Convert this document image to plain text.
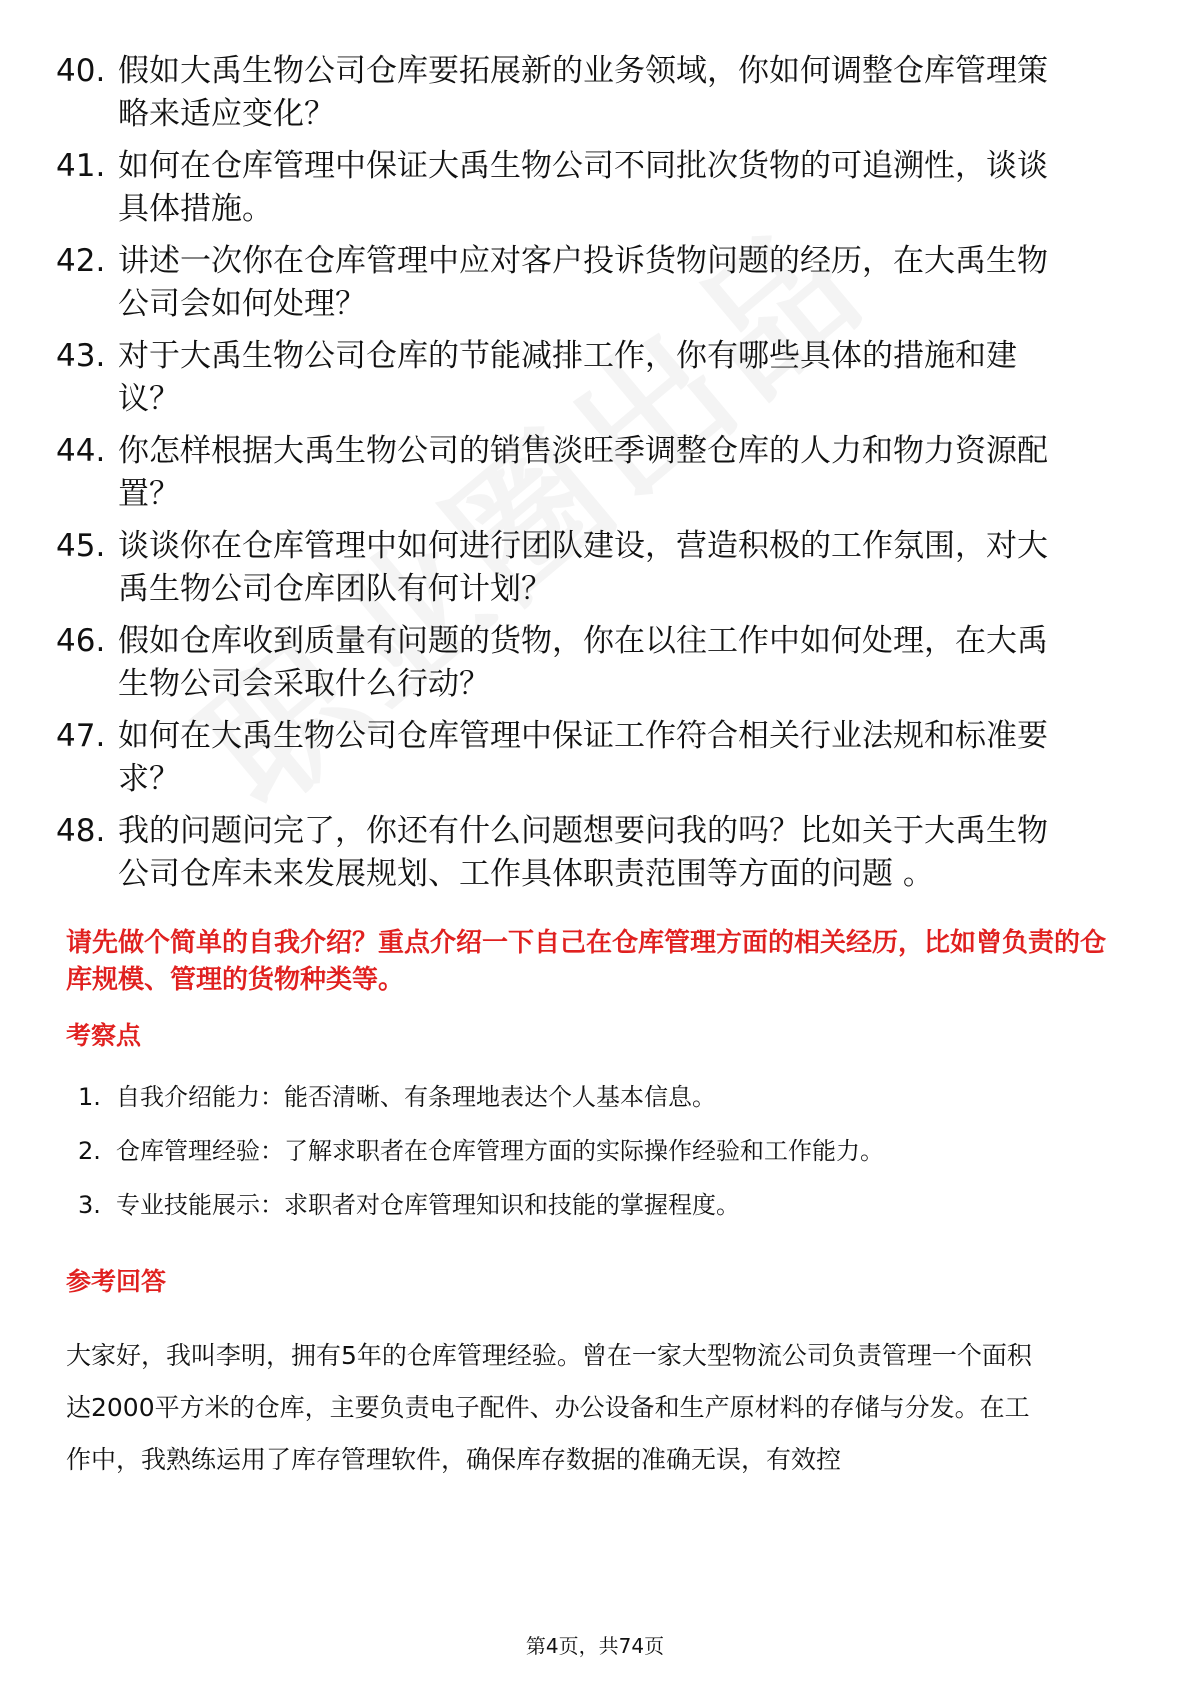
40. 假如大禹生物公司仓库要拓展新的业务领域，你如何调整仓库管理策略来适应变化？
41. 如何在仓库管理中保证大禹生物公司不同批次货物的可追溯性，谈谈具体措施。
42. 讲述一次你在仓库管理中应对客户投诉货物问题的经历，在大禹生物公司会如何处理？
43. 对于大禹生物公司仓库的节能减排工作，你有哪些具体的措施和建议？
44. 你怎样根据大禹生物公司的销售淡旺季调整仓库的人力和物力资源配置？
45. 谈谈你在仓库管理中如何进行团队建设，营造积极的工作氛围，对大禹生物公司仓库团队有何计划？
46. 假如仓库收到质量有问题的货物，你在以往工作中如何处理，在大禹生物公司会采取什么行动？
47. 如何在大禹生物公司仓库管理中保证工作符合相关行业法规和标准要求？
48. 我的问题问完了，你还有什么问题想要问我的吗？比如关于大禹生物公司仓库未来发展规划、工作具体职责范围等方面的问题 。
请先做个简单的自我介绍？重点介绍一下自己在仓库管理方面的相关经历，比如曾负责的仓库规模、管理的货物种类等。
考察点
1. 自我介绍能力：能否清晰、有条理地表达个人基本信息。
2. 仓库管理经验：了解求职者在仓库管理方面的实际操作经验和工作能力。
3. 专业技能展示：求职者对仓库管理知识和技能的掌握程度。
参考回答
大家好，我叫李明，拥有5年的仓库管理经验。曾在一家大型物流公司负责管理一个面积达2000平方米的仓库，主要负责电子配件、办公设备和生产原材料的存储与分发。在工作中，我熟练运用了库存管理软件，确保库存数据的准确无误，有效控
第4页，共74页
